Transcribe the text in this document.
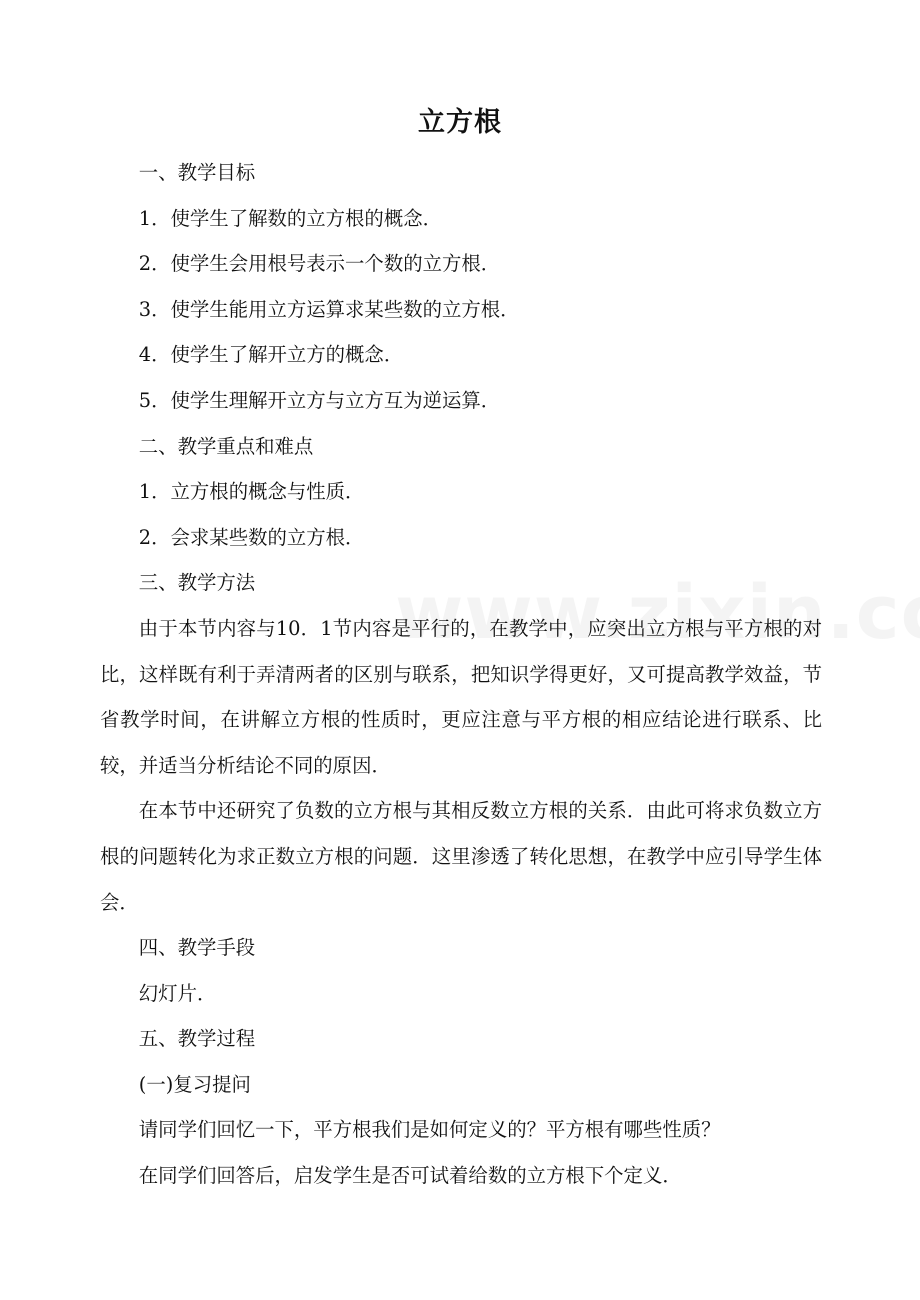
立方根

一、教学目标

1．使学生了解数的立方根的概念．

2．使学生会用根号表示一个数的立方根．

3．使学生能用立方运算求某些数的立方根．

4．使学生了解开立方的概念．

5．使学生理解开立方与立方互为逆运算．

二、教学重点和难点

1．立方根的概念与性质．

2．会求某些数的立方根．

三、教学方法

由于本节内容与10．1节内容是平行的，在教学中，应突出立方根与平方根的对比，这样既有利于弄清两者的区别与联系，把知识学得更好，又可提高教学效益，节省教学时间，在讲解立方根的性质时，更应注意与平方根的相应结论进行联系、比较，并适当分析结论不同的原因．

在本节中还研究了负数的立方根与其相反数立方根的关系．由此可将求负数立方根的问题转化为求正数立方根的问题．这里渗透了转化思想，在教学中应引导学生体会．

四、教学手段

幻灯片．

五、教学过程

(一)复习提问

请同学们回忆一下，平方根我们是如何定义的？平方根有哪些性质？

在同学们回答后，启发学生是否可试着给数的立方根下个定义．
